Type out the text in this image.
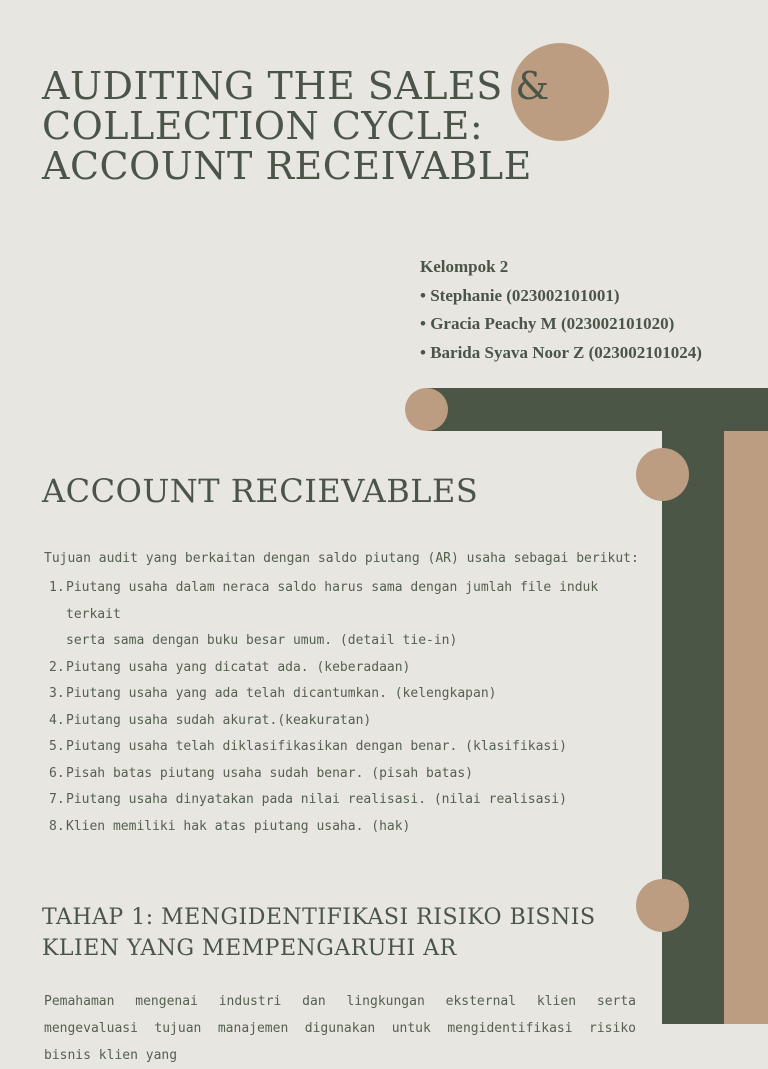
AUDITING THE SALES &
COLLECTION CYCLE:
ACCOUNT RECEIVABLE
Kelompok 2
• Stephanie (023002101001)
• Gracia Peachy M (023002101020)
• Barida Syava Noor Z (023002101024)
ACCOUNT RECIEVABLES
Tujuan audit yang berkaitan dengan saldo piutang (AR) usaha sebagai berikut:
1. Piutang usaha dalam neraca saldo harus sama dengan jumlah file induk terkait
serta sama dengan buku besar umum. (detail tie-in)
2. Piutang usaha yang dicatat ada. (keberadaan)
3. Piutang usaha yang ada telah dicantumkan. (kelengkapan)
4. Piutang usaha sudah akurat.(keakuratan)
5. Piutang usaha telah diklasifikasikan dengan benar. (klasifikasi)
6. Pisah batas piutang usaha sudah benar. (pisah batas)
7. Piutang usaha dinyatakan pada nilai realisasi. (nilai realisasi)
8. Klien memiliki hak atas piutang usaha. (hak)
TAHAP 1: MENGIDENTIFIKASI RISIKO BISNIS
KLIEN YANG MEMPENGARUHI AR
Pemahaman mengenai industri dan lingkungan eksternal klien serta mengevaluasi tujuan manajemen digunakan untuk mengidentifikasi risiko bisnis klien yang
